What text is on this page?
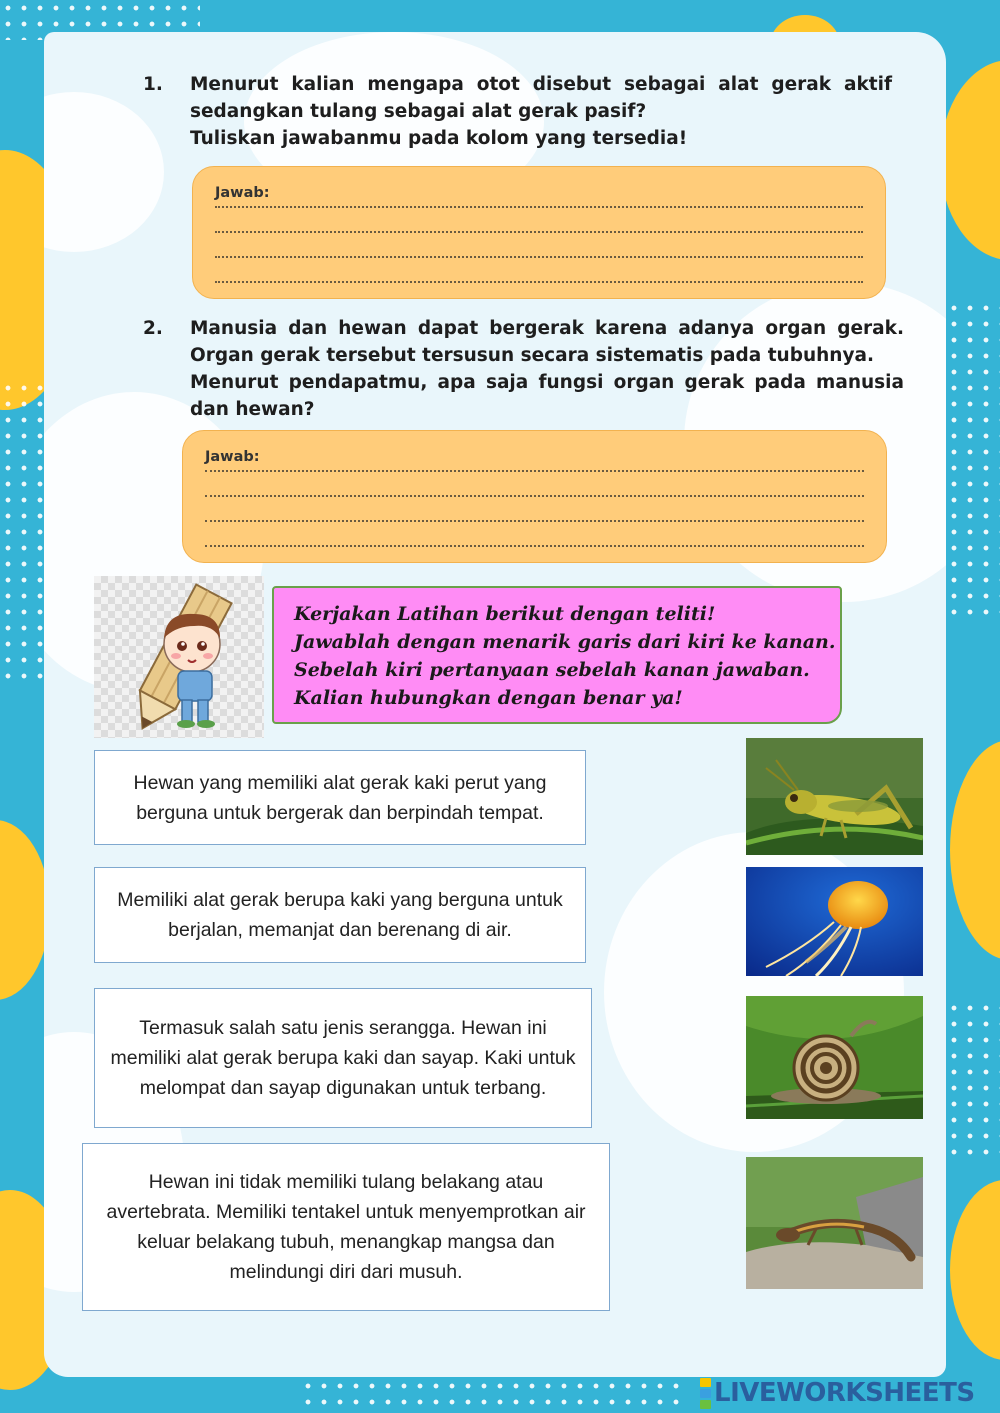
1. Menurut kalian mengapa otot disebut sebagai alat gerak aktif sedangkan tulang sebagai alat gerak pasif?
Tuliskan jawabanmu pada kolom yang tersedia!
Jawab:
2. Manusia dan hewan dapat bergerak karena adanya organ gerak. Organ gerak tersebut tersusun secara sistematis pada tubuhnya.
Menurut pendapatmu, apa saja fungsi organ gerak pada manusia dan hewan?
Jawab:
Kerjakan Latihan berikut dengan teliti!
Jawablah dengan menarik garis dari kiri ke kanan.
Sebelah kiri pertanyaan sebelah kanan jawaban.
Kalian hubungkan dengan benar ya!
Hewan yang memiliki alat gerak kaki perut yang berguna untuk bergerak dan berpindah tempat.
Memiliki alat gerak berupa kaki yang berguna untuk berjalan, memanjat dan berenang di air.
Termasuk salah satu jenis serangga. Hewan ini memiliki alat gerak berupa kaki dan sayap. Kaki untuk melompat dan sayap digunakan untuk terbang.
Hewan ini tidak memiliki tulang belakang atau avertebrata. Memiliki tentakel untuk menyemprotkan air keluar belakang tubuh, menangkap mangsa dan melindungi diri dari musuh.
LIVEWORKSHEETS
